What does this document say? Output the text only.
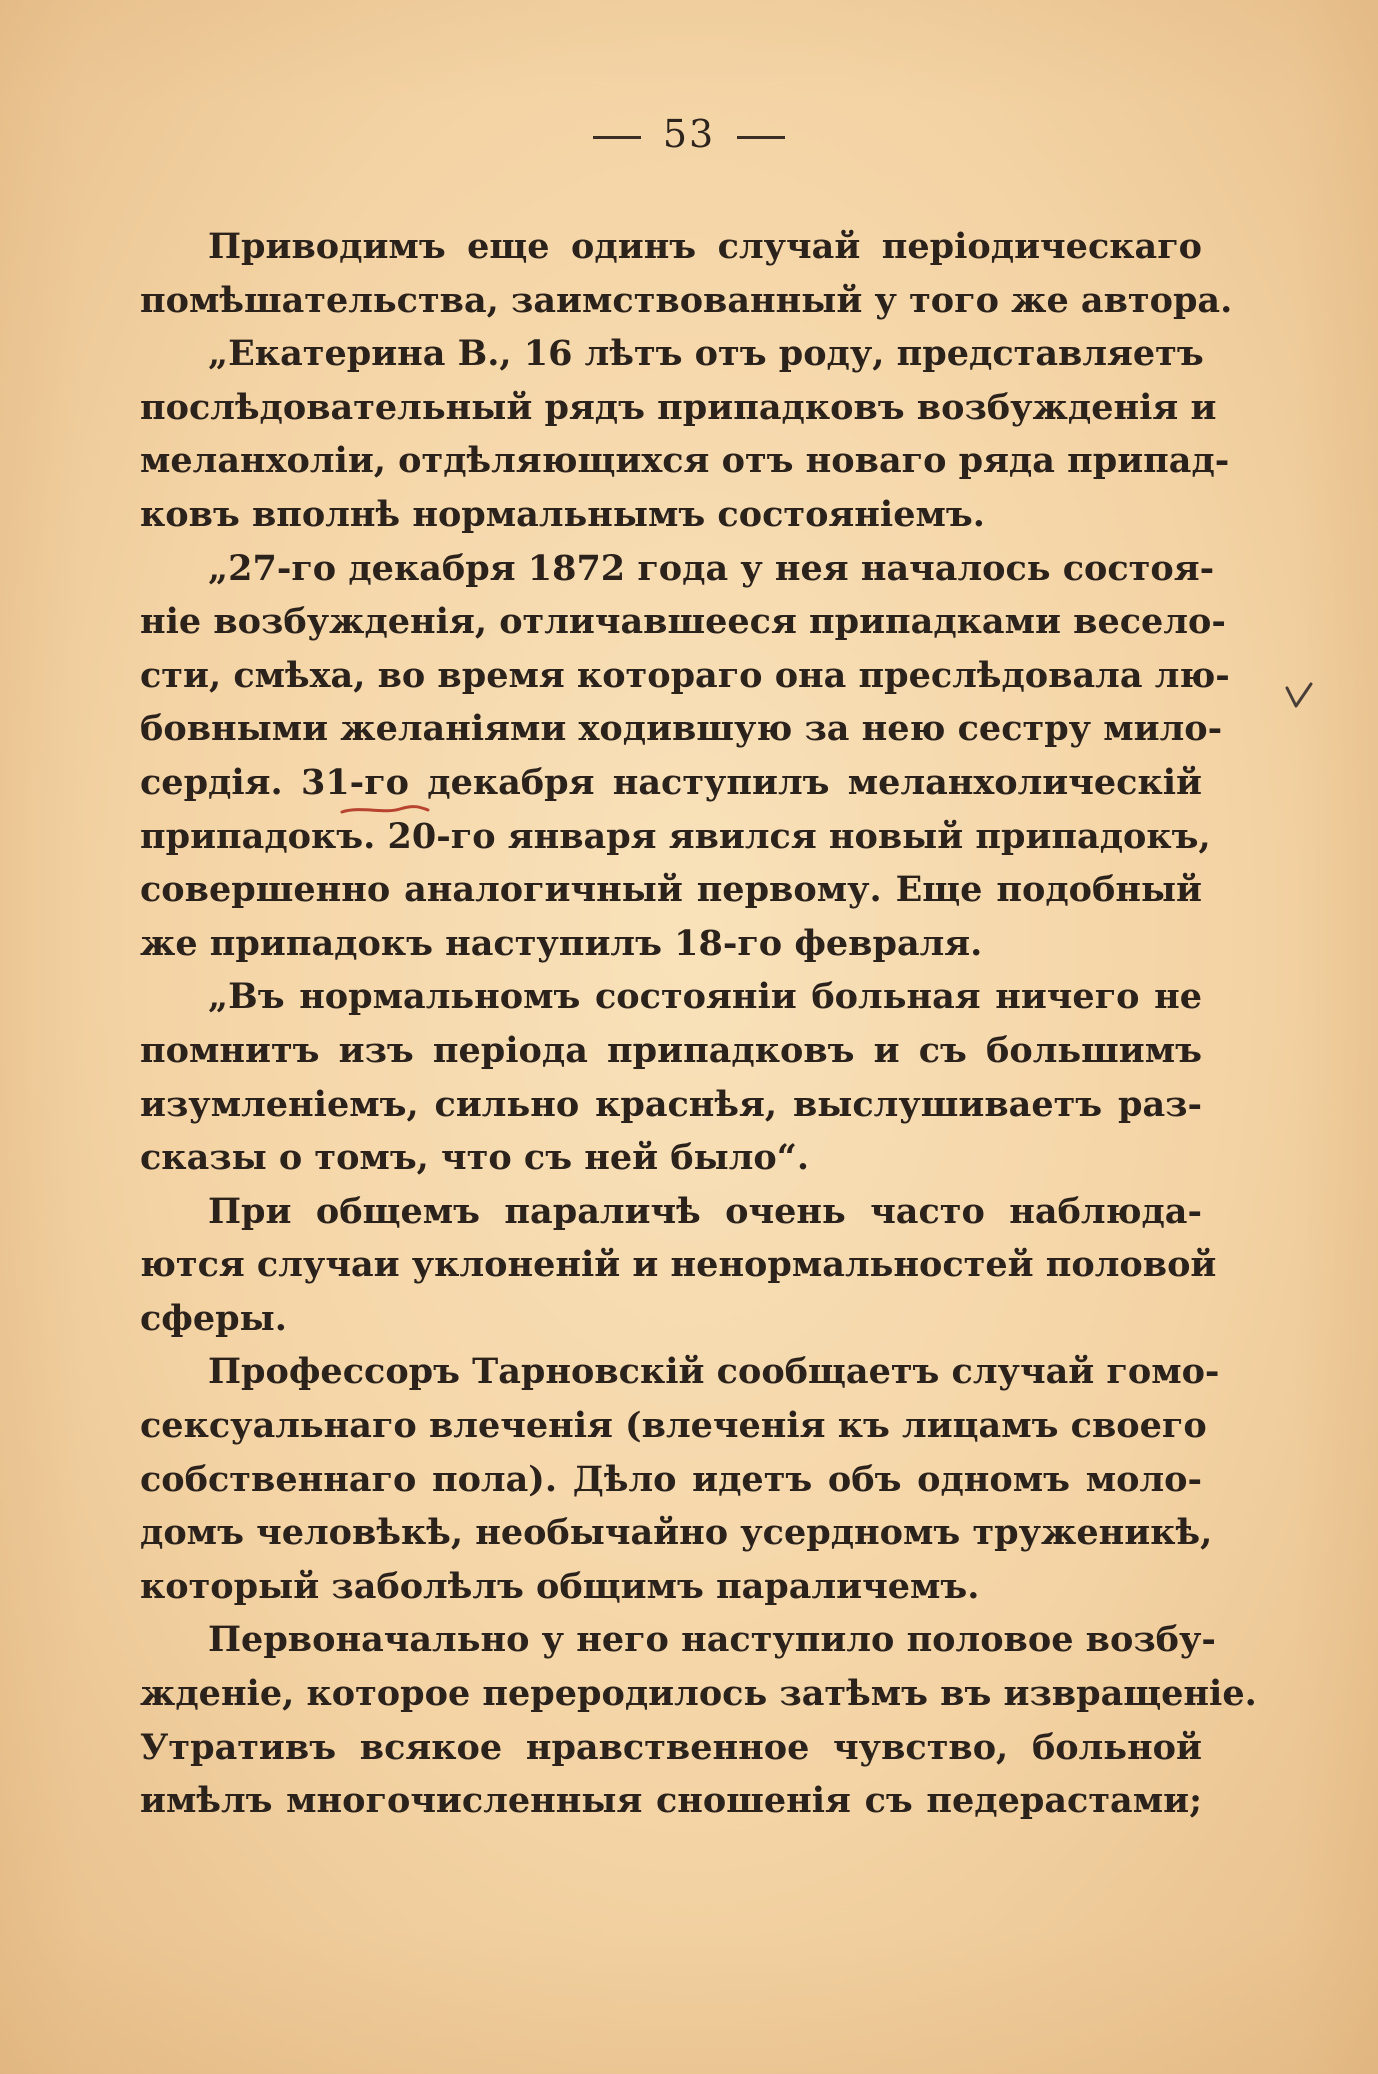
53
Приводимъ еще одинъ случай періодическаго
помѣшательства, заимствованный у того же автора.
„Екатерина В., 16 лѣтъ отъ роду, представляетъ
послѣдовательный рядъ припадковъ возбужденія и
меланхоліи, отдѣляющихся отъ новаго ряда припад-
ковъ вполнѣ нормальнымъ состояніемъ.
„27-го декабря 1872 года у нея началось состоя-
ніе возбужденія, отличавшееся припадками весело-
сти, смѣха, во время котораго она преслѣдовала лю-
бовными желаніями ходившую за нею сестру мило-
сердія. 31-го декабря наступилъ меланхолическій
припадокъ. 20-го января явился новый припадокъ,
совершенно аналогичный первому. Еще подобный
же припадокъ наступилъ 18-го февраля.
„Въ нормальномъ состояніи больная ничего не
помнитъ изъ періода припадковъ и съ большимъ
изумленіемъ, сильно краснѣя, выслушиваетъ раз-
сказы о томъ, что съ ней было“.
При общемъ параличѣ очень часто наблюда-
ются случаи уклоненій и ненормальностей половой
сферы.
Профессоръ Тарновскій сообщаетъ случай гомо-
сексуальнаго влеченія (влеченія къ лицамъ своего
собственнаго пола). Дѣло идетъ объ одномъ моло-
домъ человѣкѣ, необычайно усердномъ труженикѣ,
который заболѣлъ общимъ параличемъ.
Первоначально у него наступило половое возбу-
жденіе, которое переродилось затѣмъ въ извращеніе.
Утративъ всякое нравственное чувство, больной
имѣлъ многочисленныя сношенія съ педерастами;
